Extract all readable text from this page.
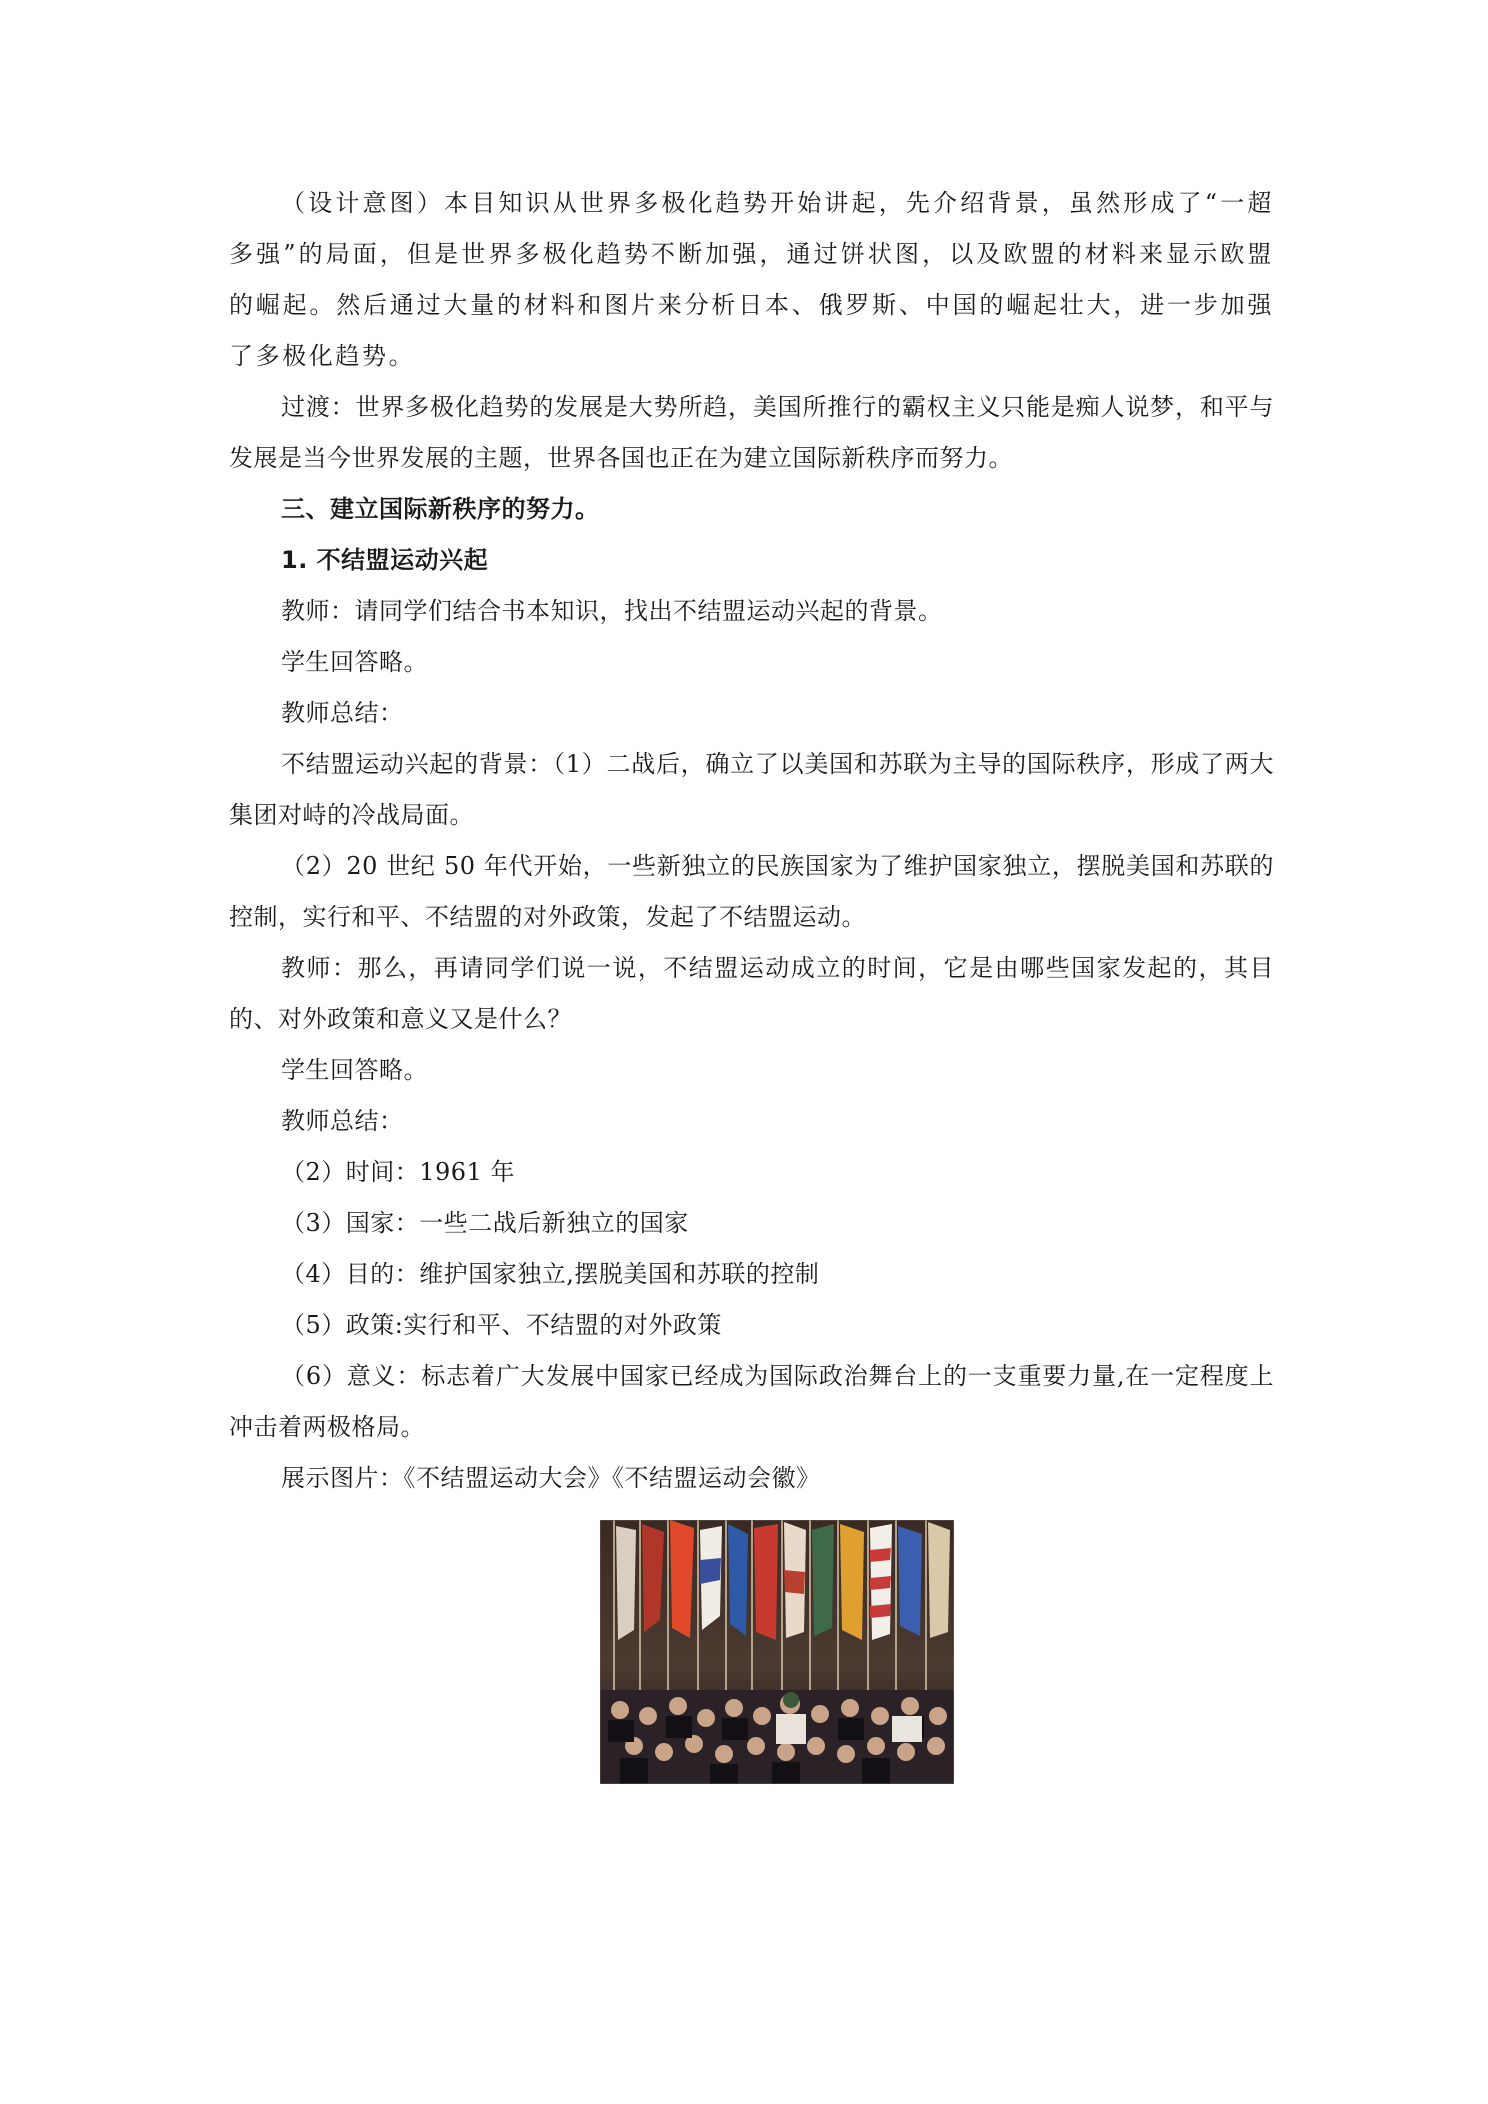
（设计意图）本目知识从世界多极化趋势开始讲起，先介绍背景，虽然形成了“一超多强”的局面，但是世界多极化趋势不断加强，通过饼状图，以及欧盟的材料来显示欧盟的崛起。然后通过大量的材料和图片来分析日本、俄罗斯、中国的崛起壮大，进一步加强了多极化趋势。

过渡：世界多极化趋势的发展是大势所趋，美国所推行的霸权主义只能是痴人说梦，和平与发展是当今世界发展的主题，世界各国也正在为建立国际新秩序而努力。

三、建立国际新秩序的努力。

1. 不结盟运动兴起

教师：请同学们结合书本知识，找出不结盟运动兴起的背景。

学生回答略。

教师总结：

不结盟运动兴起的背景：（1）二战后，确立了以美国和苏联为主导的国际秩序，形成了两大集团对峙的冷战局面。

（2）20 世纪 50 年代开始，一些新独立的民族国家为了维护国家独立，摆脱美国和苏联的控制，实行和平、不结盟的对外政策，发起了不结盟运动。

教师：那么，再请同学们说一说，不结盟运动成立的时间，它是由哪些国家发起的，其目的、对外政策和意义又是什么？

学生回答略。

教师总结：

（2）时间：1961 年

（3）国家：一些二战后新独立的国家

（4）目的：维护国家独立,摆脱美国和苏联的控制

（5）政策:实行和平、不结盟的对外政策

（6）意义：标志着广大发展中国家已经成为国际政治舞台上的一支重要力量,在一定程度上冲击着两极格局。

展示图片：《不结盟运动大会》《不结盟运动会徽》
